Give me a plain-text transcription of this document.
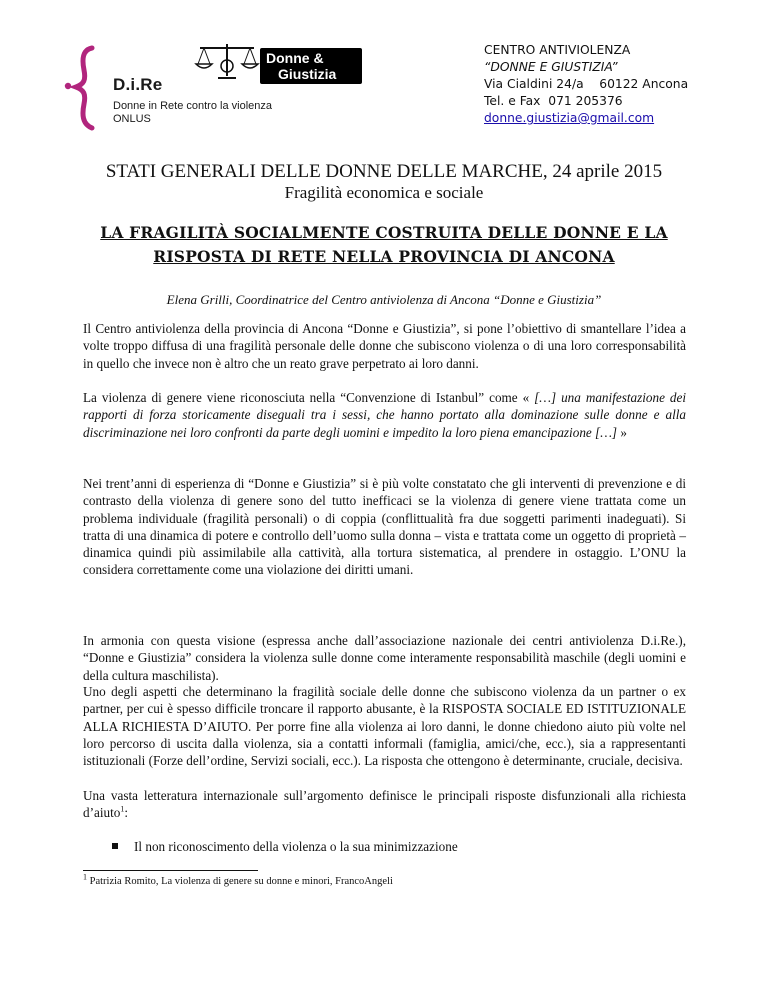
D.i.Re
Donne in Rete contro la violenza
ONLUS
Donne &
Giustizia
CENTRO ANTIVIOLENZA
“DONNE E GIUSTIZIA”
Via Cialdini 24/a    60122 Ancona
Tel. e Fax  071 205376
donne.giustizia@gmail.com
STATI GENERALI DELLE DONNE DELLE MARCHE, 24 aprile 2015
Fragilità economica e sociale
LA FRAGILITÀ SOCIALMENTE COSTRUITA DELLE DONNE E LA
RISPOSTA DI RETE NELLA PROVINCIA DI ANCONA
Elena Grilli, Coordinatrice del Centro antiviolenza di Ancona “Donne e Giustizia”
Il Centro antiviolenza della provincia di Ancona “Donne e Giustizia”, si pone l’obiettivo di smantellare l’idea a volte troppo diffusa di una fragilità personale delle donne che subiscono violenza o di una loro corresponsabilità in quello che invece non è altro che un reato grave perpetrato ai loro danni.
La violenza di genere viene riconosciuta nella “Convenzione di Istanbul” come « […] una manifestazione dei rapporti di forza storicamente diseguali tra i sessi, che hanno portato alla dominazione sulle donne e alla discriminazione nei loro confronti da parte degli uomini e impedito la loro piena emancipazione […] »
Nei trent’anni di esperienza di “Donne e Giustizia” si è più volte constatato che gli interventi di prevenzione e di contrasto della violenza di genere sono del tutto inefficaci se la violenza di genere viene trattata come un problema individuale (fragilità personali) o di coppia (conflittualità fra due soggetti parimenti inadeguati). Si tratta di una dinamica di potere e controllo dell’uomo sulla donna – vista e trattata come un oggetto di proprietà – dinamica quindi più assimilabile alla cattività, alla tortura sistematica, al prendere in ostaggio. L’ONU la considera correttamente come una violazione dei diritti umani.
In armonia con questa visione (espressa anche dall’associazione nazionale dei centri antiviolenza D.i.Re.), “Donne e Giustizia” considera la violenza sulle donne come interamente responsabilità maschile (degli uomini e della cultura maschilista).
Uno degli aspetti che determinano la fragilità sociale delle donne che subiscono violenza da un partner o ex partner, per cui è spesso difficile troncare il rapporto abusante, è la RISPOSTA SOCIALE ED ISTITUZIONALE ALLA RICHIESTA D’AIUTO. Per porre fine alla violenza ai loro danni, le donne chiedono aiuto più volte nel loro percorso di uscita dalla violenza, sia a contatti informali (famiglia, amici/che, ecc.), sia a rappresentanti istituzionali (Forze dell’ordine, Servizi sociali, ecc.). La risposta che ottengono è determinante, cruciale, decisiva.
Una vasta letteratura internazionale sull’argomento definisce le principali risposte disfunzionali alla richiesta d’aiuto$^1$:
Il non riconoscimento della violenza o la sua minimizzazione
$^1$ Patrizia Romito, La violenza di genere su donne e minori, FrancoAngeli
